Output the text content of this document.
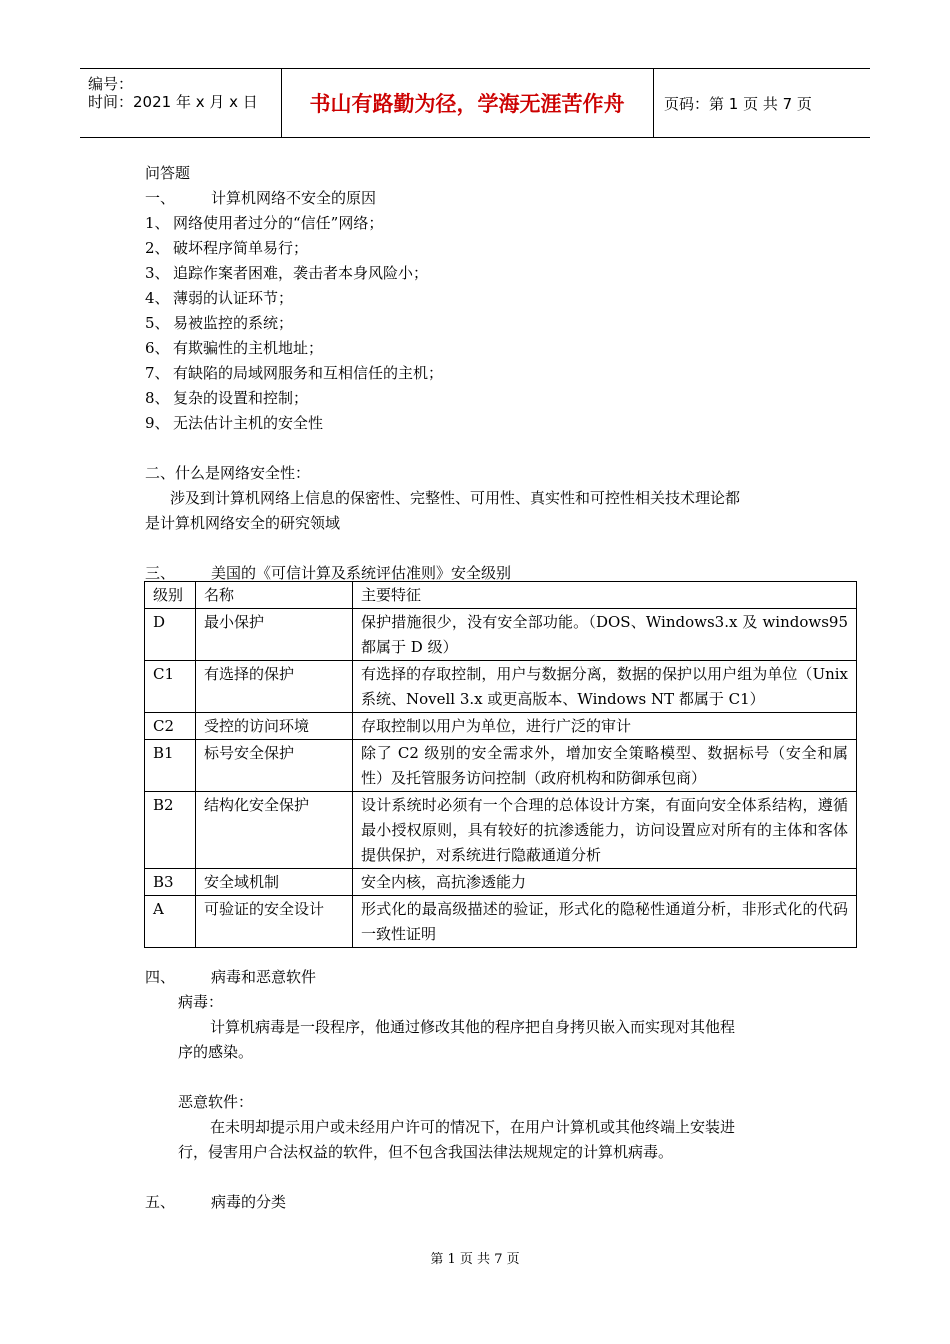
编号：
时间：2021 年 x 月 x 日	书山有路勤为径，学海无涯苦作舟	页码：第 1 页 共 7 页
问答题
一、 计算机网络不安全的原因
1、 网络使用者过分的“信任”网络；
2、 破坏程序简单易行；
3、 追踪作案者困难，袭击者本身风险小；
4、 薄弱的认证环节；
5、 易被监控的系统；
6、 有欺骗性的主机地址；
7、 有缺陷的局域网服务和互相信任的主机；
8、 复杂的设置和控制；
9、 无法估计主机的安全性
二、什么是网络安全性：
涉及到计算机网络上信息的保密性、完整性、可用性、真实性和可控性相关技术理论都
是计算机网络安全的研究领域
三、 美国的《可信计算及系统评估准则》安全级别
级别	名称	主要特征
D	最小保护	保护措施很少，没有安全部功能。（DOS、Windows3.x 及 windows95 都属于 D 级）
C1	有选择的保护	有选择的存取控制，用户与数据分离，数据的保护以用户组为单位（Unix 系统、Novell 3.x 或更高版本、Windows NT 都属于 C1）
C2	受控的访问环境	存取控制以用户为单位，进行广泛的审计
B1	标号安全保护	除了 C2 级别的安全需求外，增加安全策略模型、数据标号（安全和属性）及托管服务访问控制（政府机构和防御承包商）
B2	结构化安全保护	设计系统时必须有一个合理的总体设计方案，有面向安全体系结构，遵循最小授权原则，具有较好的抗渗透能力，访问设置应对所有的主体和客体提供保护，对系统进行隐蔽通道分析
B3	安全域机制	安全内核，高抗渗透能力
A	可验证的安全设计	形式化的最高级描述的验证，形式化的隐秘性通道分析，非形式化的代码一致性证明
四、 病毒和恶意软件
病毒：
计算机病毒是一段程序，他通过修改其他的程序把自身拷贝嵌入而实现对其他程
序的感染。
恶意软件：
在未明却提示用户或未经用户许可的情况下，在用户计算机或其他终端上安装进
行，侵害用户合法权益的软件，但不包含我国法律法规规定的计算机病毒。
五、 病毒的分类
第 1 页 共 7 页
